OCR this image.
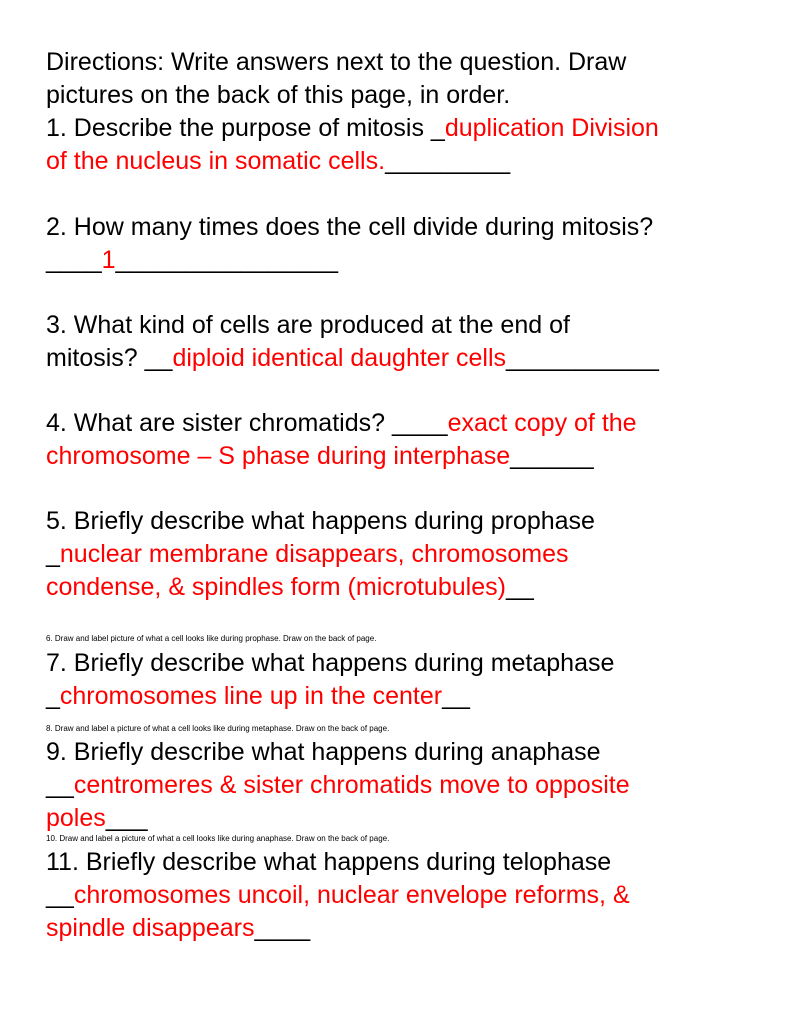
Directions: Write answers next to the question. Draw
pictures on the back of this page, in order.
1. Describe the purpose of mitosis _duplication Division
of the nucleus in somatic cells._________
2. How many times does the cell divide during mitosis?
____1________________
3. What kind of cells are produced at the end of
mitosis? __diploid identical daughter cells___________
4. What are sister chromatids? ____exact copy of the
chromosome – S phase during interphase______
5. Briefly describe what happens during prophase
_nuclear membrane disappears, chromosomes
condense, & spindles form (microtubules)__
6. Draw and label picture of what a cell looks like during prophase. Draw on the back of page.
7. Briefly describe what happens during metaphase
_chromosomes line up in the center__
8. Draw and label a picture of what a cell looks like during metaphase. Draw on the back of page.
9. Briefly describe what happens during anaphase
__centromeres & sister chromatids move to opposite
poles___
10. Draw and label a picture of what a cell looks like during anaphase. Draw on the back of page.
11. Briefly describe what happens during telophase
__chromosomes uncoil, nuclear envelope reforms, &
spindle disappears____
